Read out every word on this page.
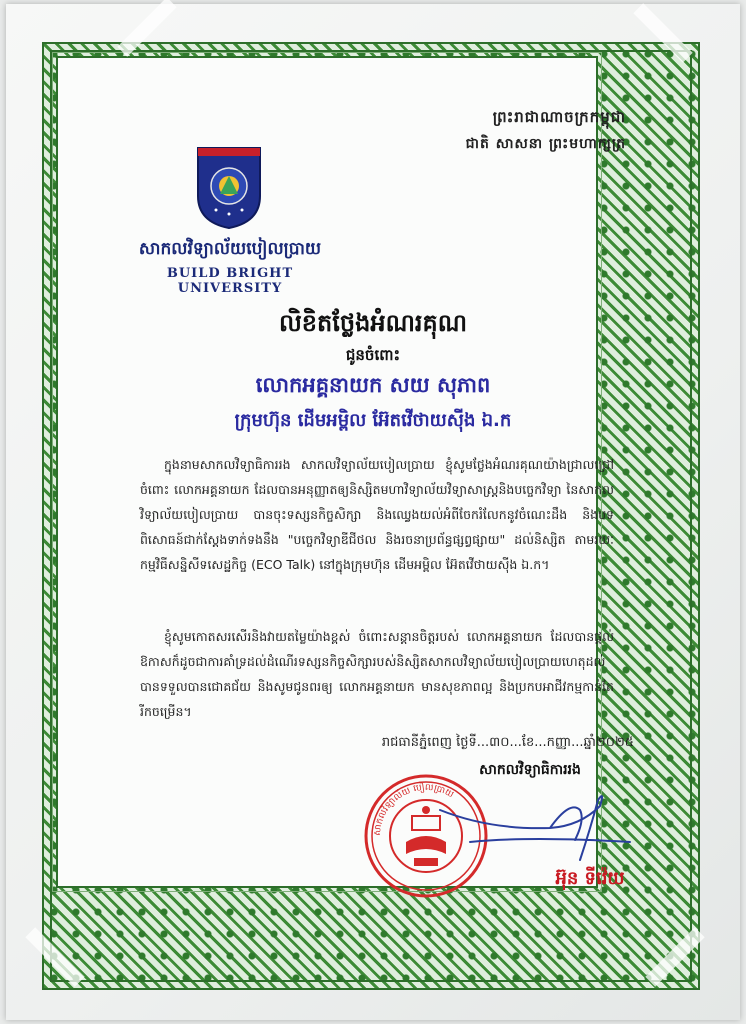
ព្រះរាជាណាចក្រកម្ពុជា
ជាតិ សាសនា ព្រះមហាក្សត្រ
សាកលវិទ្យាល័យបៀលប្រាយ
BUILD BRIGHT UNIVERSITY
លិខិតថ្លែងអំណរគុណ
ជូនចំពោះ
លោកអគ្គនាយក សយ សុភាព
ក្រុមហ៊ុន ដើមអម្ពិល អ៊ែតវើថាយស៊ីង ឯ.ក
ក្នុងនាមសាកលវិទ្យាធិការរង សាកលវិទ្យាល័យបៀលប្រាយ ខ្ញុំសូមថ្លែងអំណរគុណយ៉ាងជ្រាលជ្រៅចំពោះ លោកអគ្គនាយក ដែលបានអនុញ្ញាតឲ្យនិស្សិតមហាវិទ្យាល័យវិទ្យាសាស្ត្រនិងបច្ចេកវិទ្យា នៃសាកលវិទ្យាល័យបៀលប្រាយ បានចុះទស្សនកិច្ចសិក្សា និងឈ្វេងយល់អំពីចែករំលែកនូវចំណេះដឹង និងបទពិសោធន៍ជាក់ស្តែងទាក់ទងនឹង "បច្ចេកវិទ្យាឌីជីថល និងរចនាប្រព័ន្ធផ្សព្វផ្សាយ" ដល់និស្សិត តាមរយៈកម្មវិធីសន្និសីទសេដ្ឋកិច្ច (ECO Talk) នៅក្នុងក្រុមហ៊ុន ដើមអម្ពិល អ៊ែតវើថាយស៊ីង ឯ.ក។
ខ្ញុំសូមកោតសរសើរនិងវាយតម្លៃយ៉ាងខ្ពស់ ចំពោះសន្តានចិត្តរបស់ លោកអគ្គនាយក ដែលបានផ្តល់ឱកាសក៏ដូចជាការគាំទ្រដល់ដំណើរទស្សនកិច្ចសិក្សារបស់និស្សិតសាកលវិទ្យាល័យបៀលប្រាយហេតុដល់បានទទួលបានជោគជ័យ និងសូមជូនពរឲ្យ លោកអគ្គនាយក មានសុខភាពល្អ និងប្រកបអាជីវកម្មកាន់តែរីកចម្រើន។
រាជធានីភ្នំពេញ ថ្ងៃទី...៣០...ខែ...កញ្ញា...ឆ្នាំ២០២៥
សាកលវិទ្យាធិការរង
សាកលវិទ្យាល័យ បៀលប្រាយ
អ៊ុន ទីវ៉េយ
